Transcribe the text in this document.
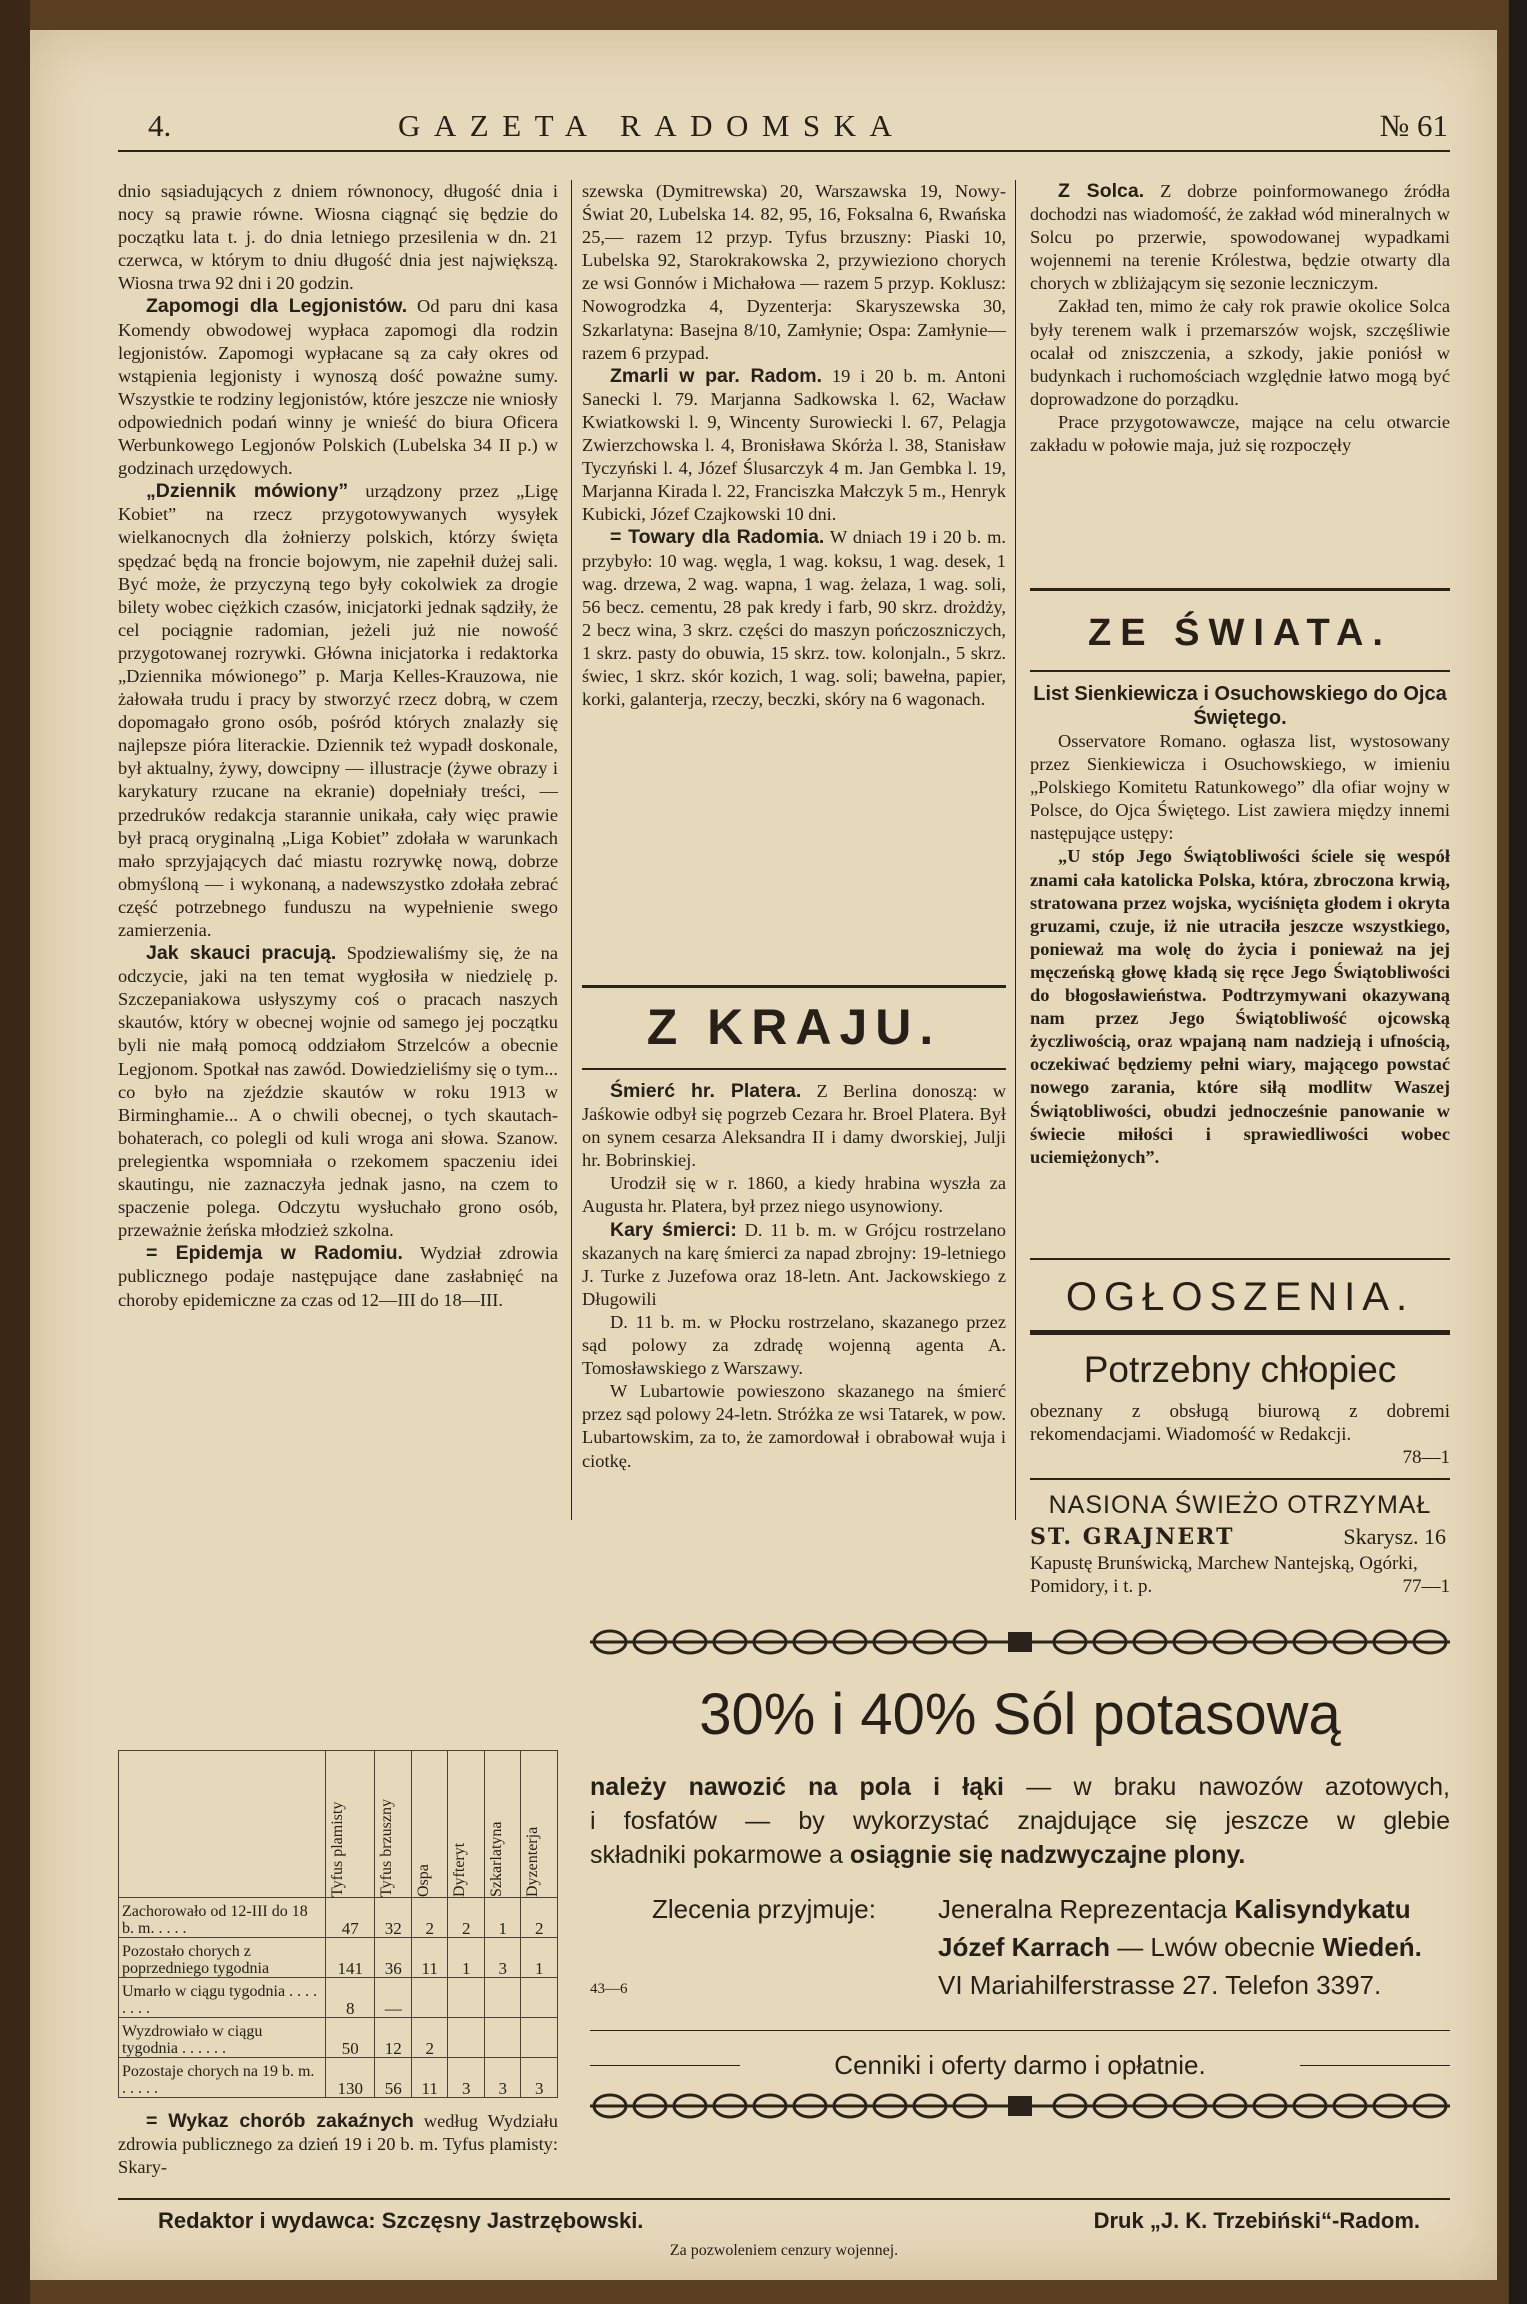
4.	GAZETA RADOMSKA	№ 61

dnio sąsiadujących z dniem równonocy, długość dnia i nocy są prawie równe. Wiosna ciągnąć się będzie do początku lata t. j. do dnia letniego przesilenia w dn. 21 czerwca, w którym to dniu długość dnia jest największą. Wiosna trwa 92 dni i 20 godzin.

Zapomogi dla Legjonistów. Od paru dni kasa Komendy obwodowej wypłaca zapomogi dla rodzin legjonistów. Zapomogi wypłacane są za cały okres od wstąpienia legjonisty i wynoszą dość poważne sumy. Wszystkie te rodziny legjonistów, które jeszcze nie wniosły odpowiednich podań winny je wnieść do biura Oficera Werbunkowego Legjonów Polskich (Lubelska 34 II p.) w godzinach urzędowych.

„Dziennik mówiony” urządzony przez „Ligę Kobiet” na rzecz przygotowywanych wysyłek wielkanocnych dla żołnierzy polskich, którzy święta spędzać będą na froncie bojowym, nie zapełnił dużej sali. Być może, że przyczyną tego były cokolwiek za drogie bilety wobec ciężkich czasów, inicjatorki jednak sądziły, że cel pociągnie radomian, jeżeli już nie nowość przygotowanej rozrywki. Główna inicjatorka i redaktorka „Dziennika mówionego” p. Marja Kelles-Krauzowa, nie żałowała trudu i pracy by stworzyć rzecz dobrą, w czem dopomagało grono osób, pośród których znalazły się najlepsze pióra literackie. Dziennik też wypadł doskonale, był aktualny, żywy, dowcipny — illustracje (żywe obrazy i karykatury rzucane na ekranie) dopełniały treści, — przedruków redakcja starannie unikała, cały więc prawie był pracą oryginalną „Liga Kobiet” zdołała w warunkach mało sprzyjających dać miastu rozrywkę nową, dobrze obmyśloną — i wykonaną, a nadewszystko zdołała zebrać część potrzebnego funduszu na wypełnienie swego zamierzenia.

Jak skauci pracują. Spodziewaliśmy się, że na odczycie, jaki na ten temat wygłosiła w niedzielę p. Szczepaniakowa usłyszymy coś o pracach naszych skautów, który w obecnej wojnie od samego jej początku byli nie małą pomocą oddziałom Strzelców a obecnie Legjonom. Spotkał nas zawód. Dowiedzieliśmy się o tym... co było na zjeździe skautów w roku 1913 w Birminghamie... A o chwili obecnej, o tych skautach-bohaterach, co polegli od kuli wroga ani słowa. Szanow. prelegientka wspomniała o rzekomem spaczeniu idei skautingu, nie zaznaczyła jednak jasno, na czem to spaczenie polega. Odczytu wysłuchało grono osób, przeważnie żeńska młodzież szkolna.

= Epidemja w Radomiu. Wydział zdrowia publicznego podaje następujące dane zasłabnięć na choroby epidemiczne za czas od 12—III do 18—III.

	Tyfus plamisty	Tyfus brzuszny	Ospa	Dyfteryt	Szkarlatyna	Dyzenterja

Zachorowało od 12-III do 18 b. m. . . . .	47	32	2	2	1	2
Pozostało chorych z poprzedniego tygodnia	141	36	11	1	3	1
Umarło w ciągu tygodnia . . . . . . . .	8	—				
Wyzdrowiało w ciągu tygodnia . . . . . .	50	12	2			
Pozostaje chorych na 19 b. m. . . . . .	130	56	11	3	3	3

= Wykaz chorób zakaźnych według Wydziału zdrowia publicznego za dzień 19 i 20 b. m. Tyfus plamisty: Skary-

szewska (Dymitrewska) 20, Warszawska 19, Nowy-Świat 20, Lubelska 14. 82, 95, 16, Foksalna 6, Rwańska 25,— razem 12 przyp. Tyfus brzuszny: Piaski 10, Lubelska 92, Starokrakowska 2, przywieziono chorych ze wsi Gonnów i Michałowa — razem 5 przyp. Koklusz: Nowogrodzka 4, Dyzenterja: Skaryszewska 30, Szkarlatyna: Basejna 8/10, Zamłynie; Ospa: Zamłynie— razem 6 przypad.

Zmarli w par. Radom. 19 i 20 b. m. Antoni Sanecki l. 79. Marjanna Sadkowska l. 62, Wacław Kwiatkowski l. 9, Wincenty Surowiecki l. 67, Pelagja Zwierzchowska l. 4, Bronisława Skórża l. 38, Stanisław Tyczyński l. 4, Józef Ślusarczyk 4 m. Jan Gembka l. 19, Marjanna Kirada l. 22, Franciszka Małczyk 5 m., Henryk Kubicki, Józef Czajkowski 10 dni.

= Towary dla Radomia. W dniach 19 i 20 b. m. przybyło: 10 wag. węgla, 1 wag. koksu, 1 wag. desek, 1 wag. drzewa, 2 wag. wapna, 1 wag. żelaza, 1 wag. soli, 56 becz. cementu, 28 pak kredy i farb, 90 skrz. drożdży, 2 becz wina, 3 skrz. części do maszyn pończoszniczych, 1 skrz. pasty do obuwia, 15 skrz. tow. kolonjaln., 5 skrz. świec, 1 skrz. skór kozich, 1 wag. soli; bawełna, papier, korki, galanterja, rzeczy, beczki, skóry na 6 wagonach.

Z KRAJU.

Śmierć hr. Platera. Z Berlina donoszą: w Jaśkowie odbył się pogrzeb Cezara hr. Broel Platera. Był on synem cesarza Aleksandra II i damy dworskiej, Julji hr. Bobrinskiej.

Urodził się w r. 1860, a kiedy hrabina wyszła za Augusta hr. Platera, był przez niego usynowiony.

Kary śmierci: D. 11 b. m. w Grójcu rostrzelano skazanych na karę śmierci za napad zbrojny: 19-letniego J. Turke z Juzefowa oraz 18-letn. Ant. Jackowskiego z Długowili

D. 11 b. m. w Płocku rostrzelano, skazanego przez sąd polowy za zdradę wojenną agenta A. Tomosławskiego z Warszawy.

W Lubartowie powieszono skazanego na śmierć przez sąd polowy 24-letn. Stróżka ze wsi Tatarek, w pow. Lubartowskim, za to, że zamordował i obrabował wuja i ciotkę.

Z Solca. Z dobrze poinformowanego źródła dochodzi nas wiadomość, że zakład wód mineralnych w Solcu po przerwie, spowodowanej wypadkami wojennemi na terenie Królestwa, będzie otwarty dla chorych w zbliżającym się sezonie leczniczym.

Zakład ten, mimo że cały rok prawie okolice Solca były terenem walk i przemarszów wojsk, szczęśliwie ocalał od zniszczenia, a szkody, jakie poniósł w budynkach i ruchomościach względnie łatwo mogą być doprowadzone do porządku.

Prace przygotowawcze, mające na celu otwarcie zakładu w połowie maja, już się rozpoczęły

ZE ŚWIATA.
List Sienkiewicza i Osuchowskiego do Ojca Świętego.

Osservatore Romano. ogłasza list, wystosowany przez Sienkiewicza i Osuchowskiego, w imieniu „Polskiego Komitetu Ratunkowego” dla ofiar wojny w Polsce, do Ojca Świętego. List zawiera między innemi następujące ustępy:

„U stóp Jego Świątobliwości ściele się wespół znami cała katolicka Polska, która, zbroczona krwią, stratowana przez wojska, wyciśnięta głodem i okryta gruzami, czuje, iż nie utraciła jeszcze wszystkiego, ponieważ ma wolę do życia i ponieważ na jej męczeńską głowę kładą się ręce Jego Świątobliwości do błogosławieństwa. Podtrzymywani okazywaną nam przez Jego Świątobliwość ojcowską życzliwością, oraz wpajaną nam nadzieją i ufnością, oczekiwać będziemy pełni wiary, mającego powstać nowego zarania, które siłą modlitw Waszej Świątobliwości, obudzi jednocześnie panowanie w świecie miłości i sprawiedliwości wobec uciemiężonych”.

OGŁOSZENIA.
Potrzebny chłopiec

obeznany z obsługą biurową z dobremi rekomendacjami. Wiadomość w Redakcji.

78—1
NASIONA ŚWIEŻO OTRZYMAŁ
ST. GRAJNERT	Skarysz. 16

Kapustę Brunświcką, Marchew Nantejską, Ogórki, Pomidory, i t. p.	77—1
30% i 40% Sól potasową
należy nawozić na pola i łąki — w braku nawozów azotowych,
i fosfatów — by wykorzystać znajdujące się jeszcze w glebie
składniki pokarmowe a osiągnie się nadzwyczajne plony.
Zlecenia przyjmuje: Jeneralna Reprezentacja Kalisyndykatu
Józef Karrach — Lwów obecnie Wiedeń.
VI Mariahilferstrasse 27. Telefon 3397.
43—6
Cenniki i oferty darmo i opłatnie.
Redaktor i wydawca: Szczęsny Jastrzębowski.	Druk „J. K. Trzebiński“-Radom.
Za pozwoleniem cenzury wojennej.
